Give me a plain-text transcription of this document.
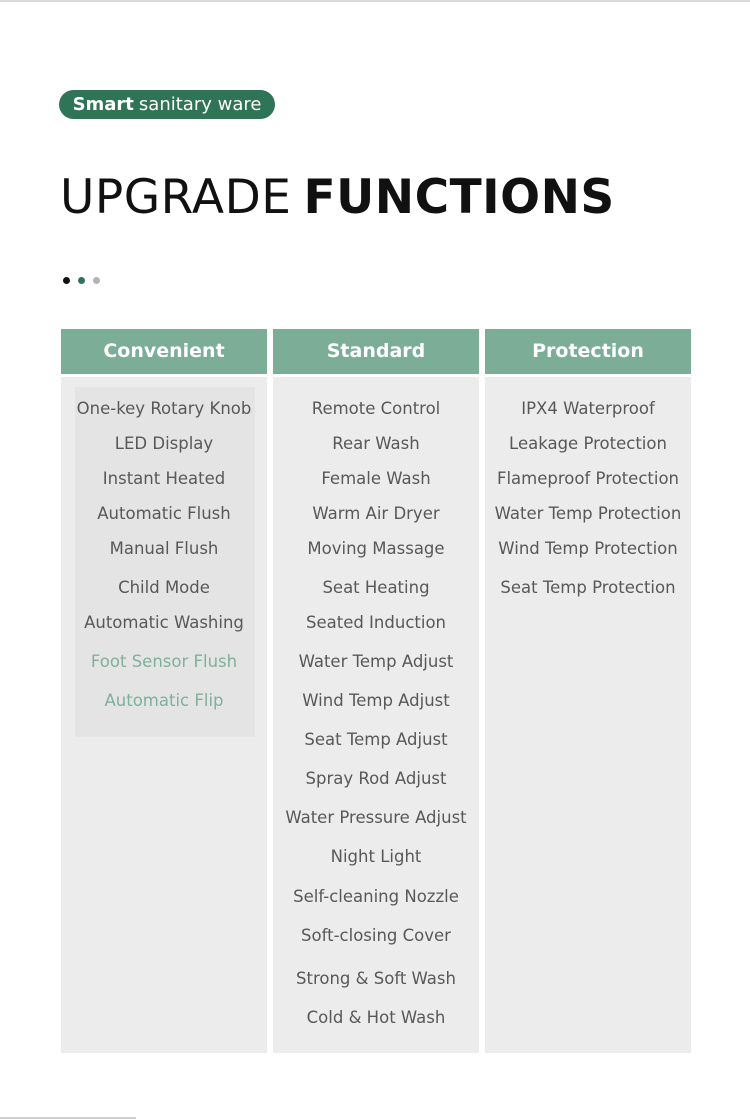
Smart sanitary ware
UPGRADE FUNCTIONS
Convenient
One-key Rotary Knob
LED Display
Instant Heated
Automatic Flush
Manual Flush
Child Mode
Automatic Washing
Foot Sensor Flush
Automatic Flip
Standard
Remote Control
Rear Wash
Female Wash
Warm Air Dryer
Moving Massage
Seat Heating
Seated Induction
Water Temp Adjust
Wind Temp Adjust
Seat Temp Adjust
Spray Rod Adjust
Water Pressure Adjust
Night Light
Self-cleaning Nozzle
Soft-closing Cover
Strong & Soft Wash
Cold & Hot Wash
Protection
IPX4 Waterproof
Leakage Protection
Flameproof Protection
Water Temp Protection
Wind Temp Protection
Seat Temp Protection
